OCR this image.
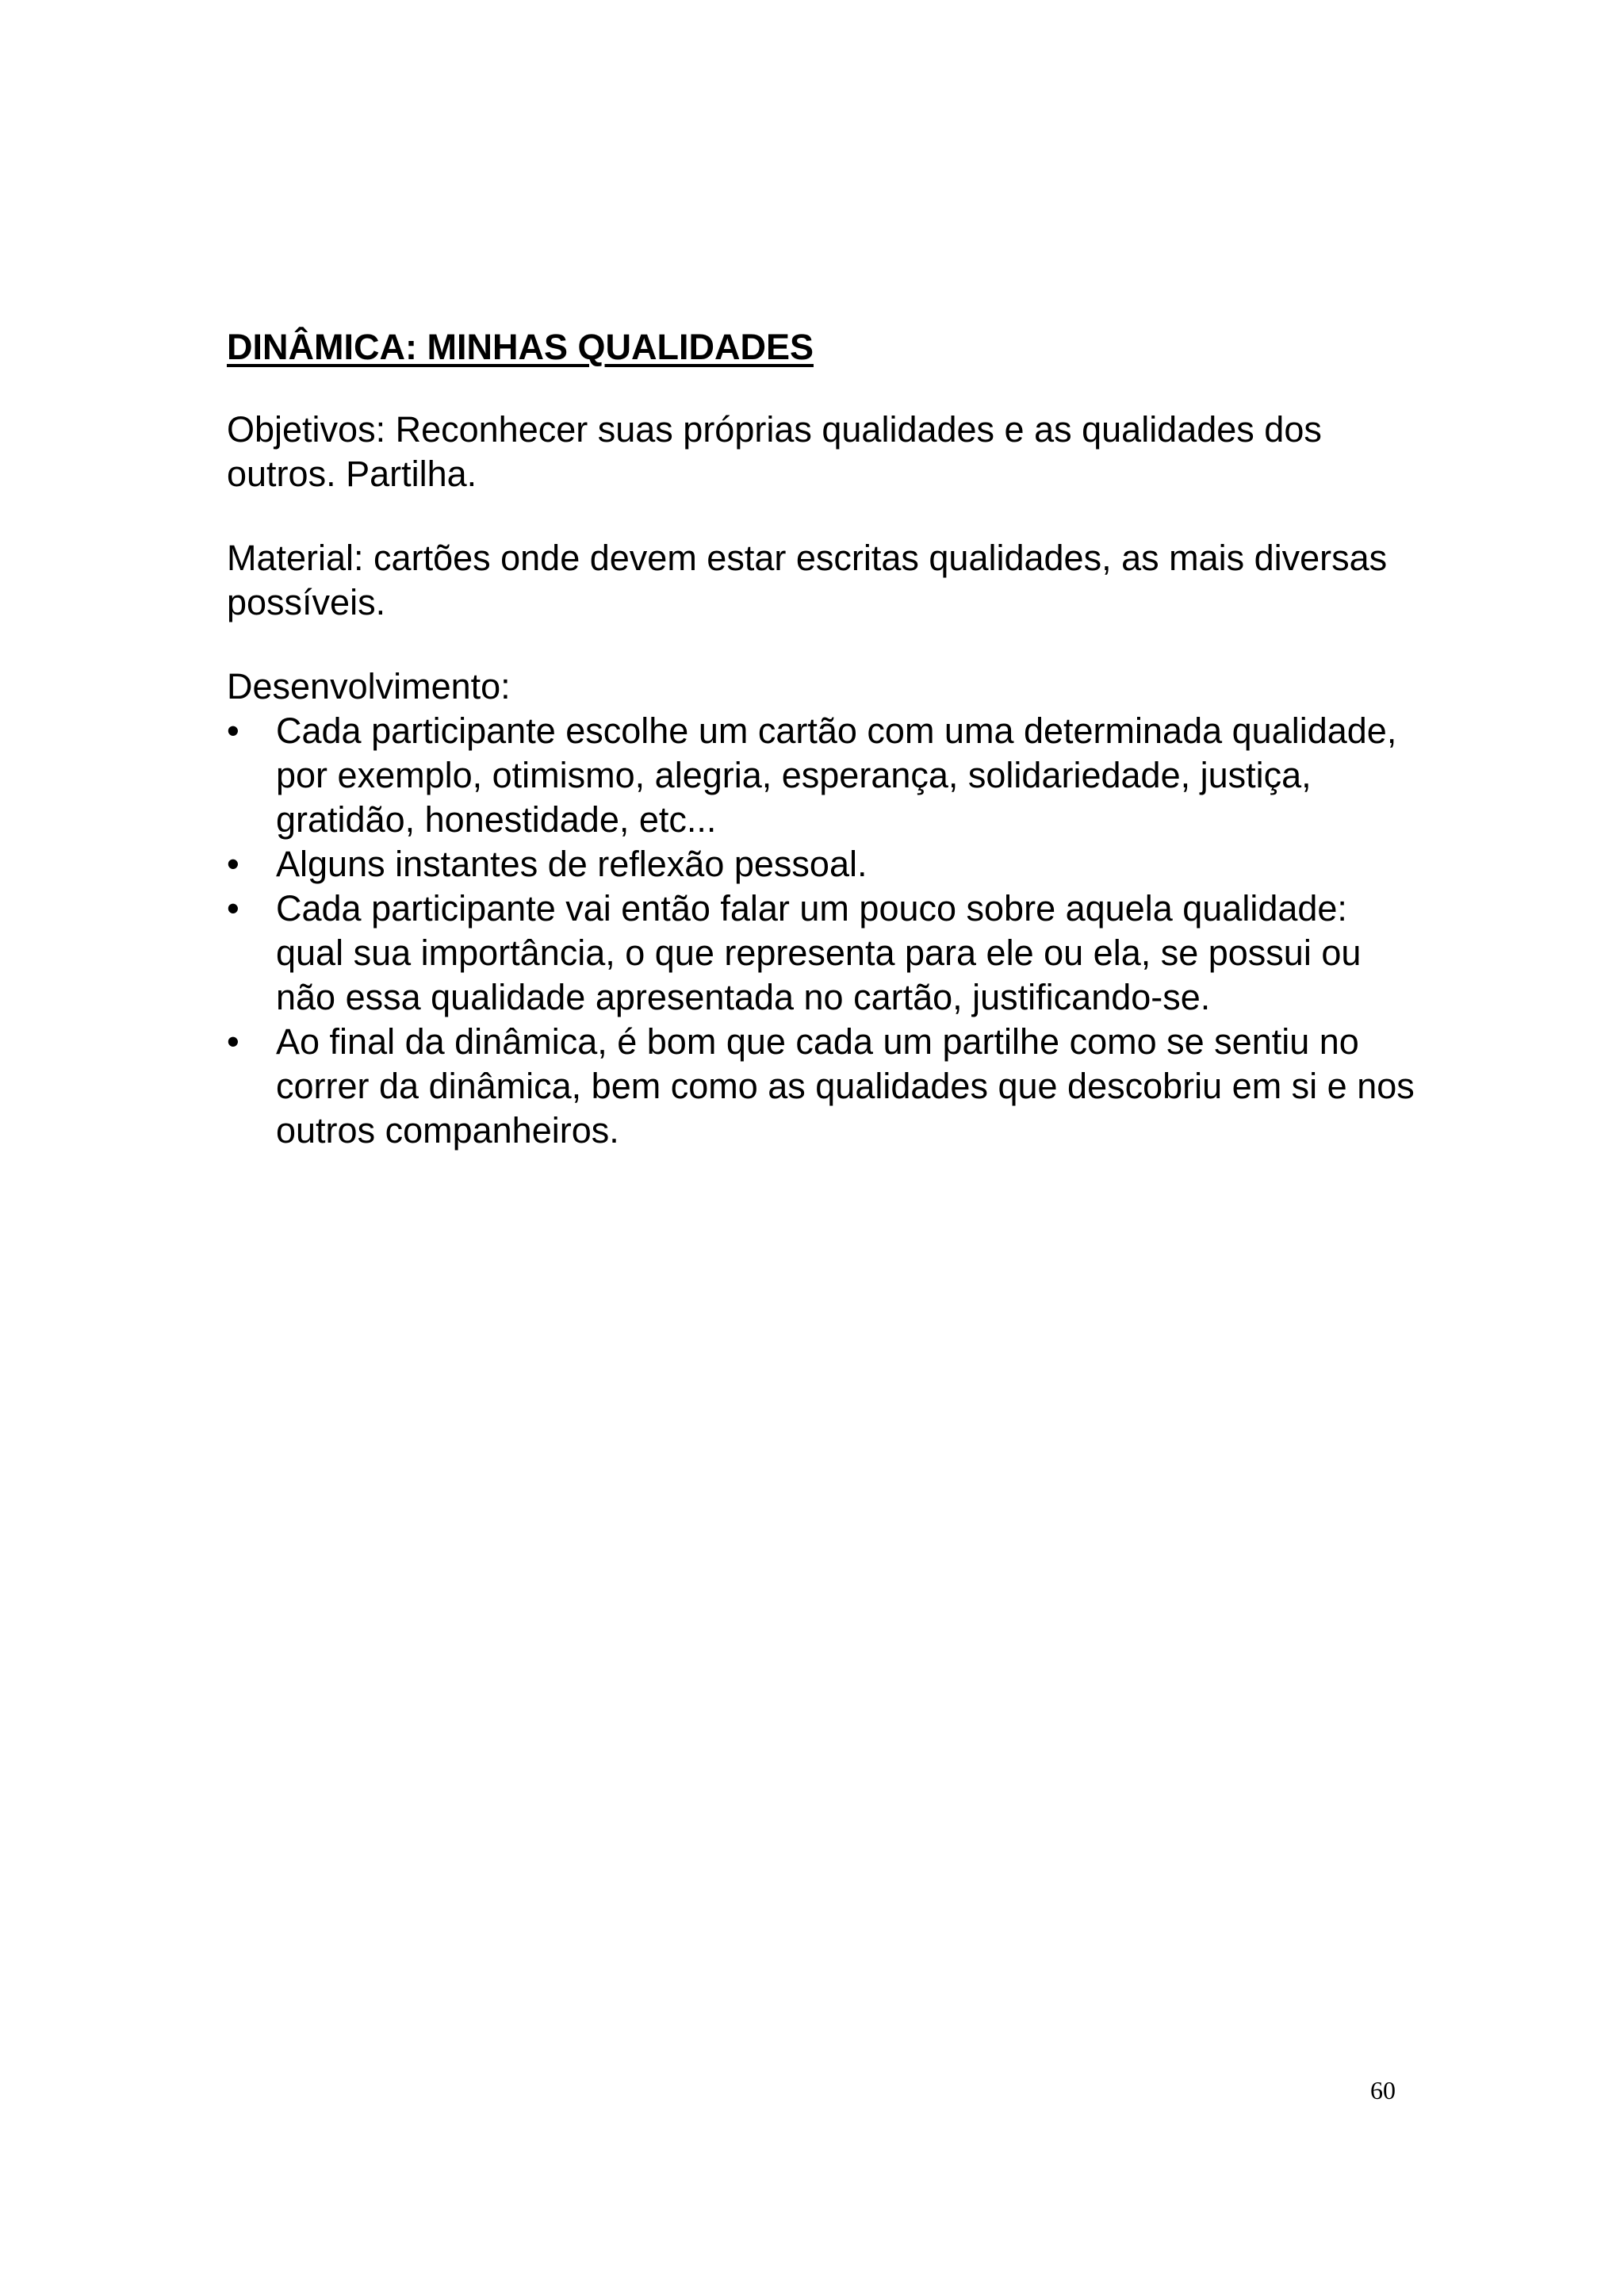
DINÂMICA: MINHAS QUALIDADES

Objetivos: Reconhecer suas próprias qualidades e as qualidades dos outros. Partilha.

Material: cartões onde devem estar escritas qualidades, as mais diversas possíveis.

Desenvolvimento:

•	Cada participante escolhe um cartão com uma determinada qualidade, por exemplo, otimismo, alegria, esperança, solidariedade, justiça, gratidão, honestidade, etc...
•	Alguns instantes de reflexão pessoal.
•	Cada participante vai então falar um pouco sobre aquela qualidade: qual sua importância, o que representa para ele ou ela, se possui ou não essa qualidade apresentada no cartão, justificando-se.
•	Ao final da dinâmica, é bom que cada um partilhe como se sentiu no correr da dinâmica, bem como as qualidades que descobriu em si e nos outros companheiros.
60
